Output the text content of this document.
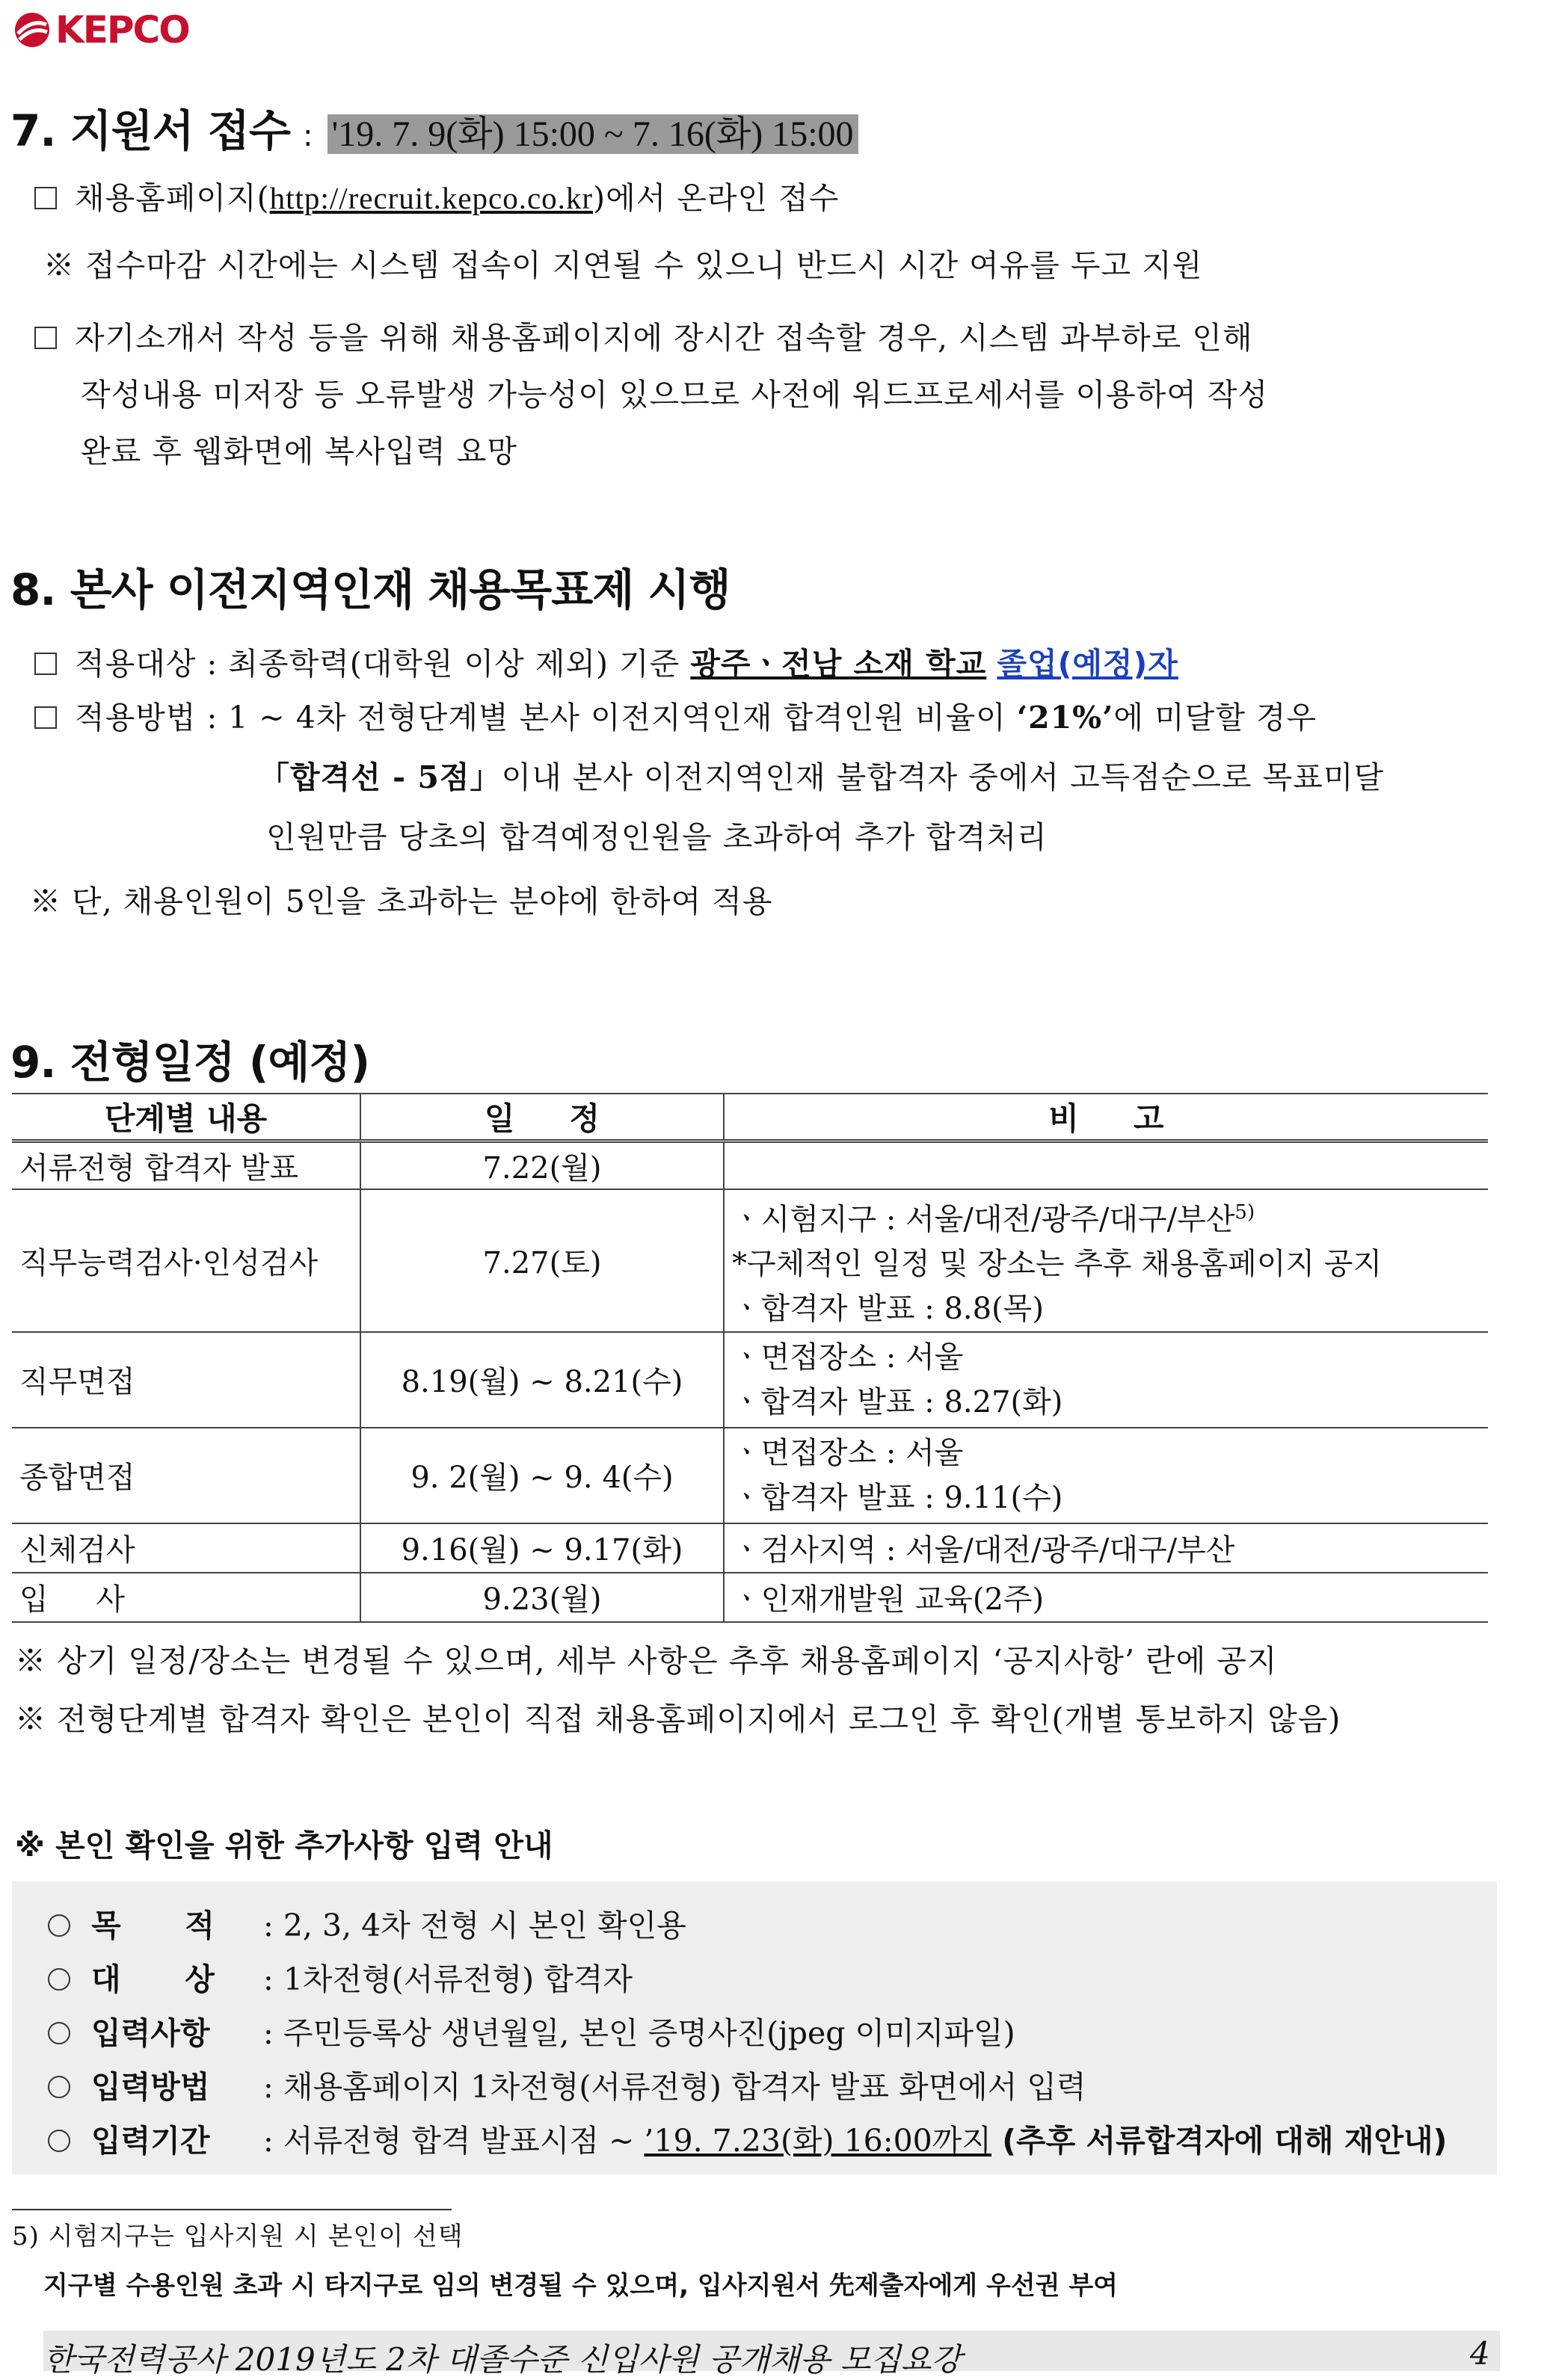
KEPCO
7. 지원서 접수 : '19. 7. 9(화) 15:00 ~ 7. 16(화) 15:00
채용홈페이지(http://recruit.kepco.co.kr)에서 온라인 접수
※ 접수마감 시간에는 시스템 접속이 지연될 수 있으니 반드시 시간 여유를 두고 지원
자기소개서 작성 등을 위해 채용홈페이지에 장시간 접속할 경우, 시스템 과부하로 인해
작성내용 미저장 등 오류발생 가능성이 있으므로 사전에 워드프로세서를 이용하여 작성
완료 후 웹화면에 복사입력 요망
8. 본사 이전지역인재 채용목표제 시행
적용대상 : 최종학력(대학원 이상 제외) 기준 광주ㆍ전남 소재 학교 졸업(예정)자
적용방법 : 1 ~ 4차 전형단계별 본사 이전지역인재 합격인원 비율이 ‘21%’에 미달할 경우
「합격선 - 5점」이내 본사 이전지역인재 불합격자 중에서 고득점순으로 목표미달
인원만큼 당초의 합격예정인원을 초과하여 추가 합격처리
※ 단, 채용인원이 5인을 초과하는 분야에 한하여 적용
9. 전형일정 (예정)
단계별 내용	일     정	비     고
서류전형 합격자 발표	7.22(월)	
직무능력검사·인성검사	7.27(토)	ㆍ시험지구 : 서울/대전/광주/대구/부산$^{5)}$
*구체적인 일정 및 장소는 추후 채용홈페이지 공지
ㆍ합격자 발표 : 8.8(목)

직무면접	8.19(월) ~ 8.21(수)	ㆍ면접장소 : 서울
ㆍ합격자 발표 : 8.27(화)

종합면접	9. 2(월) ~ 9. 4(수)	ㆍ면접장소 : 서울
ㆍ합격자 발표 : 9.11(수)

신체검사	9.16(월) ~ 9.17(화)	ㆍ검사지역 : 서울/대전/광주/대구/부산
입     사	9.23(월)	ㆍ인재개발원 교육(2주)
※ 상기 일정/장소는 변경될 수 있으며, 세부 사항은 추후 채용홈페이지 ‘공지사항’ 란에 공지
※ 전형단계별 합격자 확인은 본인이 직접 채용홈페이지에서 로그인 후 확인(개별 통보하지 않음)
※ 본인 확인을 위한 추가사항 입력 안내
목      적 : 2, 3, 4차 전형 시 본인 확인용
대      상 : 1차전형(서류전형) 합격자
입력사항 : 주민등록상 생년월일, 본인 증명사진(jpeg 이미지파일)
입력방법 : 채용홈페이지 1차전형(서류전형) 합격자 발표 화면에서 입력
입력기간 : 서류전형 합격 발표시점 ~ ’19. 7.23(화) 16:00까지 (추후 서류합격자에 대해 재안내)
5) 시험지구는 입사지원 시 본인이 선택
지구별 수용인원 초과 시 타지구로 임의 변경될 수 있으며, 입사지원서 先제출자에게 우선권 부여
한국전력공사 2019년도 2차 대졸수준 신입사원 공개채용 모집요강	4
